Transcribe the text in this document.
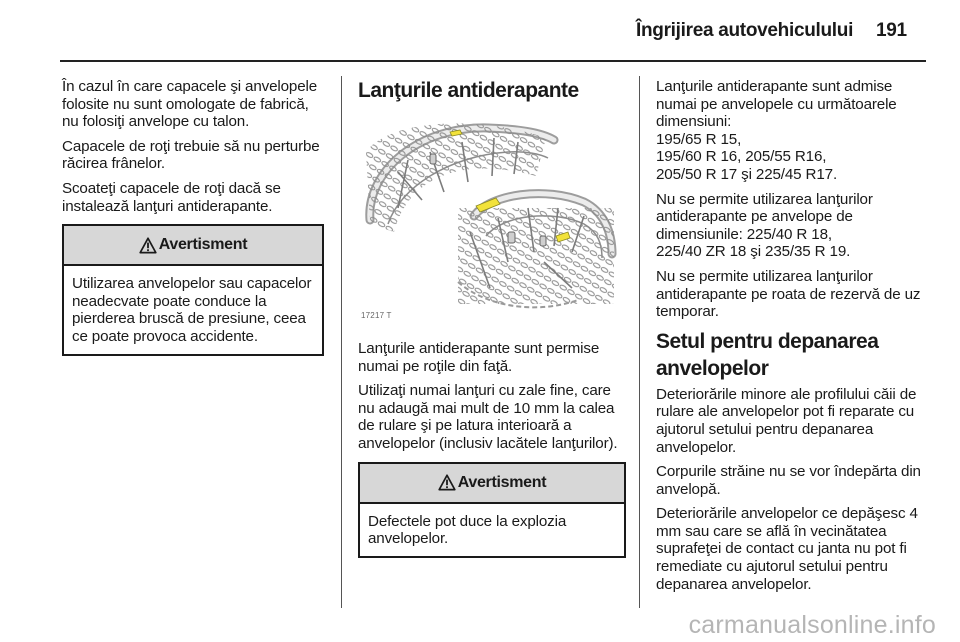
Îngrijirea autovehiculului 191

În cazul în care capacele şi anvelopele folosite nu sunt omologate de fabrică, nu folosiţi anvelope cu talon.

Capacele de roţi trebuie să nu perturbe răcirea frânelor.

Scoateţi capacele de roţi dacă se instalează lanţuri antiderapante.

Avertisment
Utilizarea anvelopelor sau capacelor neadecvate poate conduce la pierderea bruscă de presiune, ceea ce poate provoca accidente.
Lanţurile antiderapante
17217 T

Lanţurile antiderapante sunt permise numai pe roţile din faţă.

Utilizaţi numai lanţuri cu zale fine, care nu adaugă mai mult de 10 mm la calea de rulare şi pe latura interioară a anvelopelor (inclusiv lacătele lanţurilor).

Avertisment
Defectele pot duce la explozia anvelopelor.

Lanţurile antiderapante sunt admise numai pe anvelopele cu următoarele dimensiuni:
195/65 R 15,
195/60 R 16, 205/55 R16,
205/50 R 17 şi 225/45 R17.

Nu se permite utilizarea lanţurilor antiderapante pe anvelope de dimensiunile: 225/40 R 18,
225/40 ZR 18 şi 235/35 R 19.

Nu se permite utilizarea lanţurilor antiderapante pe roata de rezervă de uz temporar.

Setul pentru depanarea anvelopelor

Deteriorările minore ale profilului căii de rulare ale anvelopelor pot fi reparate cu ajutorul setului pentru depanarea anvelopelor.

Corpurile străine nu se vor îndepărta din anvelopă.

Deteriorările anvelopelor ce depăşesc 4 mm sau care se află în vecinătatea suprafeţei de contact cu janta nu pot fi remediate cu ajutorul setului pentru depanarea anvelopelor.

carmanualsonline.info
